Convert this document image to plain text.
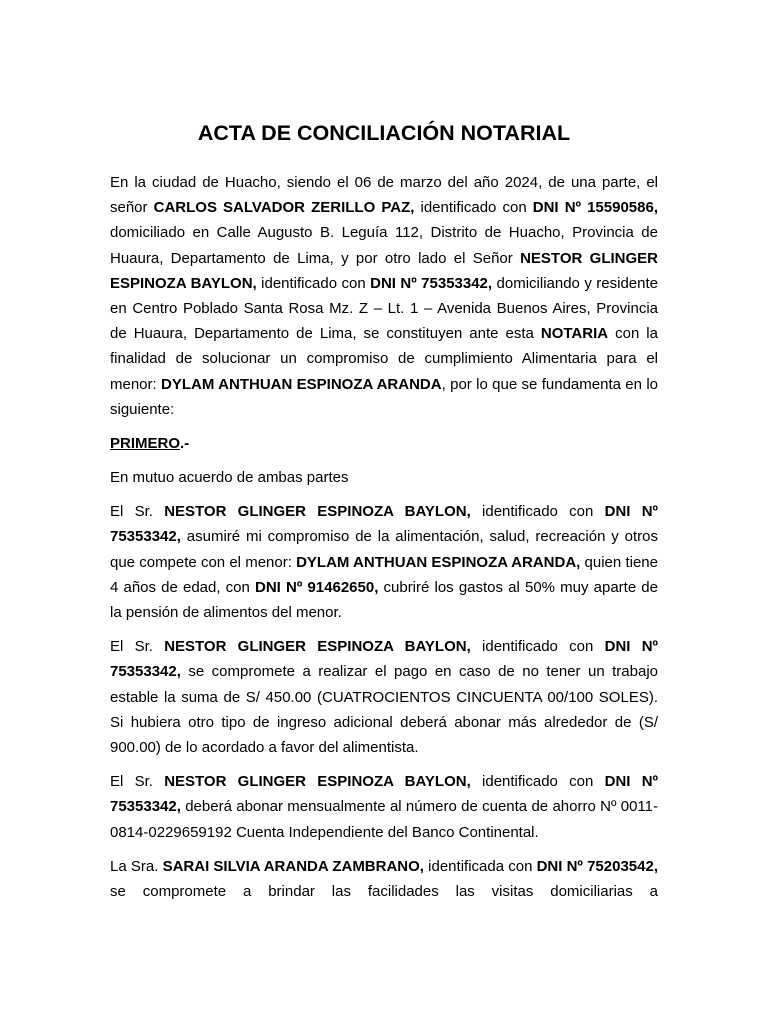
ACTA DE CONCILIACIÓN NOTARIAL

En la ciudad de Huacho, siendo el 06 de marzo del año 2024, de una parte, el señor CARLOS SALVADOR ZERILLO PAZ, identificado con DNI Nº 15590586, domiciliado en Calle Augusto B. Leguía 112, Distrito de Huacho, Provincia de Huaura, Departamento de Lima, y por otro lado el Señor NESTOR GLINGER ESPINOZA BAYLON, identificado con DNI Nº 75353342, domiciliando y residente en Centro Poblado Santa Rosa Mz. Z – Lt. 1 – Avenida Buenos Aires, Provincia de Huaura, Departamento de Lima, se constituyen ante esta NOTARIA con la finalidad de solucionar un compromiso de cumplimiento Alimentaria para el menor: DYLAM ANTHUAN ESPINOZA ARANDA, por lo que se fundamenta en lo siguiente:

PRIMERO.-

En mutuo acuerdo de ambas partes

El Sr. NESTOR GLINGER ESPINOZA BAYLON, identificado con DNI Nº 75353342, asumiré mi compromiso de la alimentación, salud, recreación y otros que compete con el menor: DYLAM ANTHUAN ESPINOZA ARANDA, quien tiene 4 años de edad, con DNI Nº 91462650, cubriré los gastos al 50% muy aparte de la pensión de alimentos del menor.

El Sr. NESTOR GLINGER ESPINOZA BAYLON, identificado con DNI Nº 75353342, se compromete a realizar el pago en caso de no tener un trabajo estable la suma de S/ 450.00 (CUATROCIENTOS CINCUENTA 00/100 SOLES). Si hubiera otro tipo de ingreso adicional deberá abonar más alrededor de (S/ 900.00) de lo acordado a favor del alimentista.

El Sr. NESTOR GLINGER ESPINOZA BAYLON, identificado con DNI Nº 75353342, deberá abonar mensualmente al número de cuenta de ahorro Nº 0011-0814-0229659192 Cuenta Independiente del Banco Continental.

La Sra. SARAI SILVIA ARANDA ZAMBRANO, identificada con DNI Nº 75203542, se compromete a brindar las facilidades las visitas domiciliarias a
